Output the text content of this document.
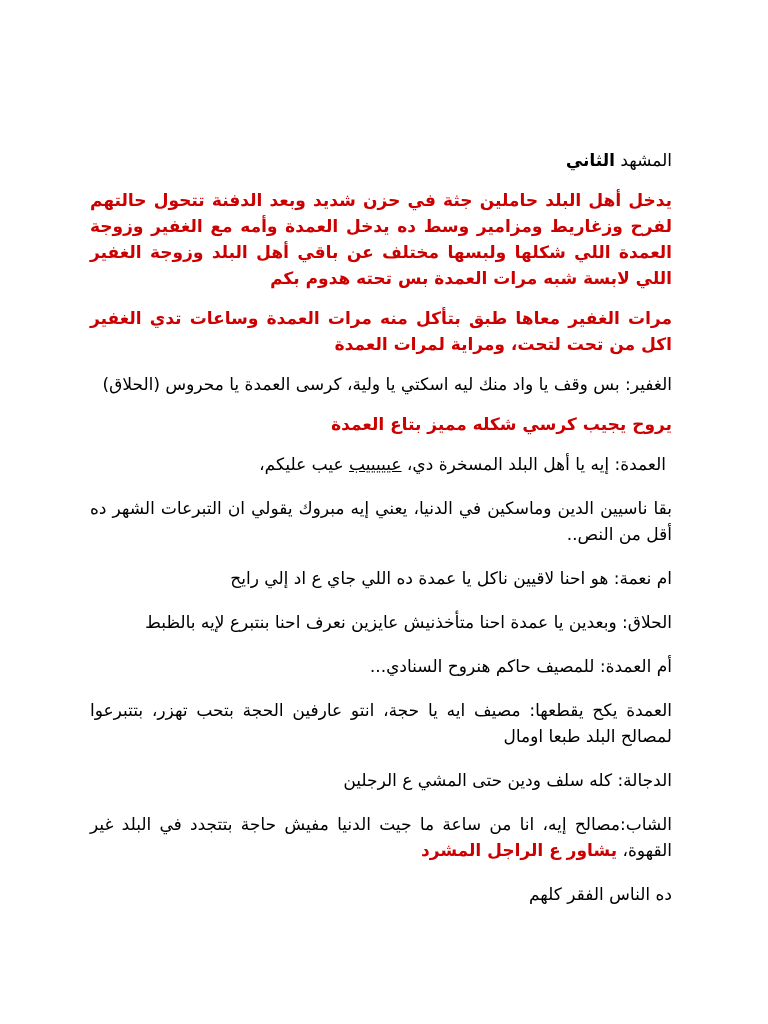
المشهد الثاني

يدخل أهل البلد حاملين جثة في حزن شديد وبعد الدفنة تتحول حالتهم لفرح وزغاريط ومزامير وسط ده يدخل العمدة وأمه مع الغفير وزوجة العمدة اللي شكلها ولبسها مختلف عن باقي أهل البلد وزوجة الغفير اللي لابسة شبه مرات العمدة بس تحته هدوم بكم

مرات الغفير معاها طبق بتأكل منه مرات العمدة وساعات تدي الغفير اكل من تحت لتحت، ومراية لمرات العمدة

الغفير: بس وقف يا واد منك ليه اسكتي يا ولية، كرسى العمدة يا محروس (الحلاق)

يروح يجيب كرسي شكله مميز بتاع العمدة

العمدة: إيه يا أهل البلد المسخرة دي، عيييييب عيب عليكم،

بقا ناسيين الدين وماسكين في الدنيا، يعني إيه مبروك يقولي ان التبرعات الشهر ده أقل من النص..

ام نعمة: هو احنا لاقيين ناكل يا عمدة ده اللي جاي ع اد إلي رايح

الحلاق: وبعدين يا عمدة احنا متأخذنيش عايزين نعرف احنا بنتبرع لإيه بالظبط

أم العمدة: للمصيف حاكم هنروح السنادي...

العمدة يكح يقطعها: مصيف ايه يا حجة، انتو عارفين الحجة بتحب تهزر، بتتبرعوا لمصالح البلد طبعا اومال

الدجالة: كله سلف ودين حتى المشي ع الرجلين

الشاب:مصالح إيه، انا من ساعة ما جيت الدنيا مفيش حاجة بتتجدد في البلد غير القهوة، يشاور ع الراجل المشرد

ده الناس الفقر كلهم
